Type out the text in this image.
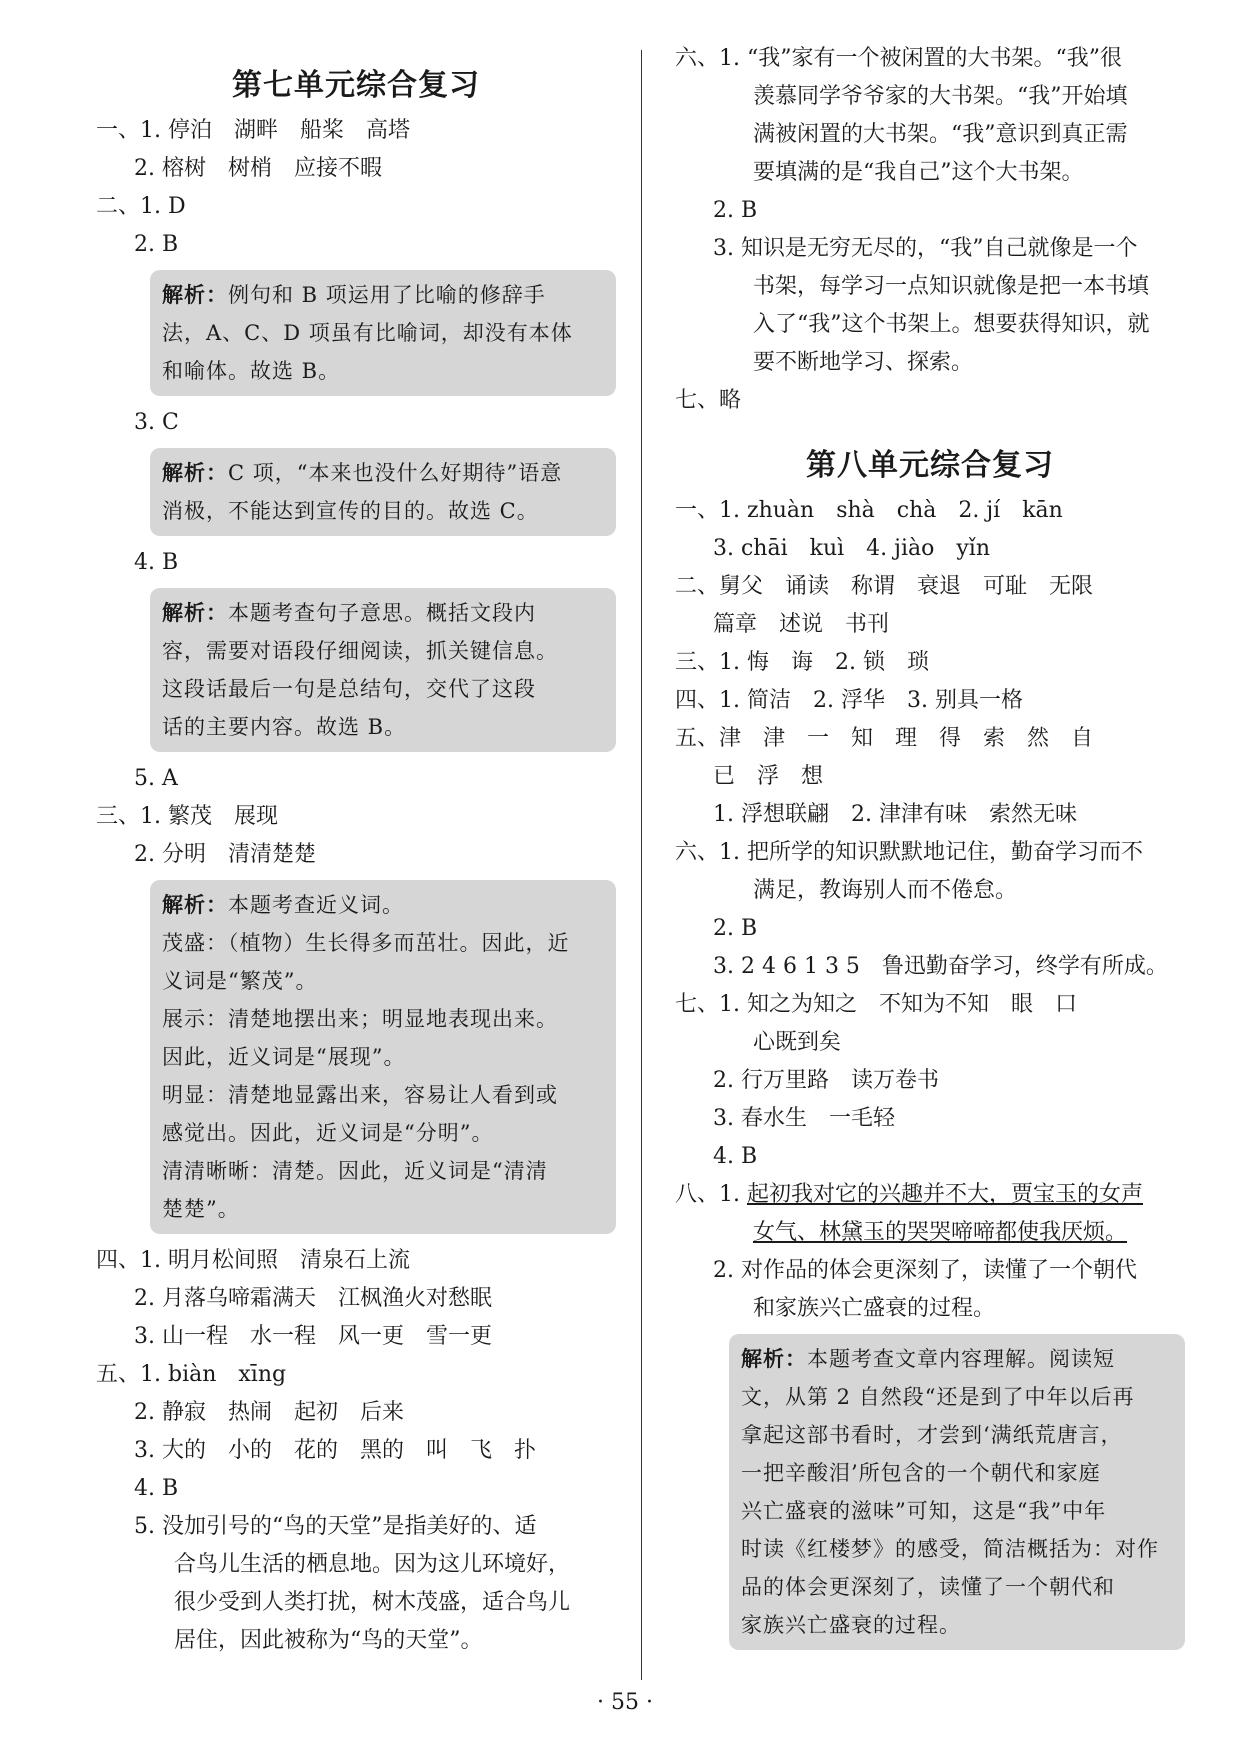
第七单元综合复习
一、1. 停泊　湖畔　船桨　高塔
2. 榕树　树梢　应接不暇
二、1. D
2. B
解析：例句和 B 项运用了比喻的修辞手
法，A、C、D 项虽有比喻词，却没有本体
和喻体。故选 B。
3. C
解析：C 项，“本来也没什么好期待”语意
消极，不能达到宣传的目的。故选 C。
4. B
解析：本题考查句子意思。概括文段内
容，需要对语段仔细阅读，抓关键信息。
这段话最后一句是总结句，交代了这段
话的主要内容。故选 B。
5. A
三、1. 繁茂　展现
2. 分明　清清楚楚
解析：本题考查近义词。
茂盛：（植物）生长得多而茁壮。因此，近
义词是“繁茂”。
展示：清楚地摆出来；明显地表现出来。
因此，近义词是“展现”。
明显：清楚地显露出来，容易让人看到或
感觉出。因此，近义词是“分明”。
清清晰晰：清楚。因此，近义词是“清清
楚楚”。
四、1. 明月松间照　清泉石上流
2. 月落乌啼霜满天　江枫渔火对愁眠
3. 山一程　水一程　风一更　雪一更
五、1. biàn　xīng
2. 静寂　热闹　起初　后来
3. 大的　小的　花的　黑的　叫　飞　扑
4. B
5. 没加引号的“鸟的天堂”是指美好的、适
合鸟儿生活的栖息地。因为这儿环境好，
很少受到人类打扰，树木茂盛，适合鸟儿
居住，因此被称为“鸟的天堂”。
六、1. “我”家有一个被闲置的大书架。“我”很
羡慕同学爷爷家的大书架。“我”开始填
满被闲置的大书架。“我”意识到真正需
要填满的是“我自己”这个大书架。
2. B
3. 知识是无穷无尽的，“我”自己就像是一个
书架，每学习一点知识就像是把一本书填
入了“我”这个书架上。想要获得知识，就
要不断地学习、探索。
七、略
第八单元综合复习
一、1. zhuàn　shà　chà　2. jí　kān
3. chāi　kuì　4. jiào　yǐn
二、舅父　诵读　称谓　衰退　可耻　无限
篇章　述说　书刊
三、1. 悔　诲　2. 锁　琐
四、1. 简洁　2. 浮华　3. 别具一格
五、津　津　一　知　理　得　索　然　自
已　浮　想
1. 浮想联翩　2. 津津有味　索然无味
六、1. 把所学的知识默默地记住，勤奋学习而不
满足，教诲别人而不倦怠。
2. B
3. 2 4 6 1 3 5　鲁迅勤奋学习，终学有所成。
七、1. 知之为知之　不知为不知　眼　口
心既到矣
2. 行万里路　读万卷书
3. 春水生　一毛轻
4. B
八、1. 起初我对它的兴趣并不大，贾宝玉的女声
女气、林黛玉的哭哭啼啼都使我厌烦。
2. 对作品的体会更深刻了，读懂了一个朝代
和家族兴亡盛衰的过程。
解析：本题考查文章内容理解。阅读短
文，从第 2 自然段“还是到了中年以后再
拿起这部书看时，才尝到‘满纸荒唐言，
一把辛酸泪’所包含的一个朝代和家庭
兴亡盛衰的滋味”可知，这是“我”中年
时读《红楼梦》的感受，简洁概括为：对作
品的体会更深刻了，读懂了一个朝代和
家族兴亡盛衰的过程。
· 55 ·
